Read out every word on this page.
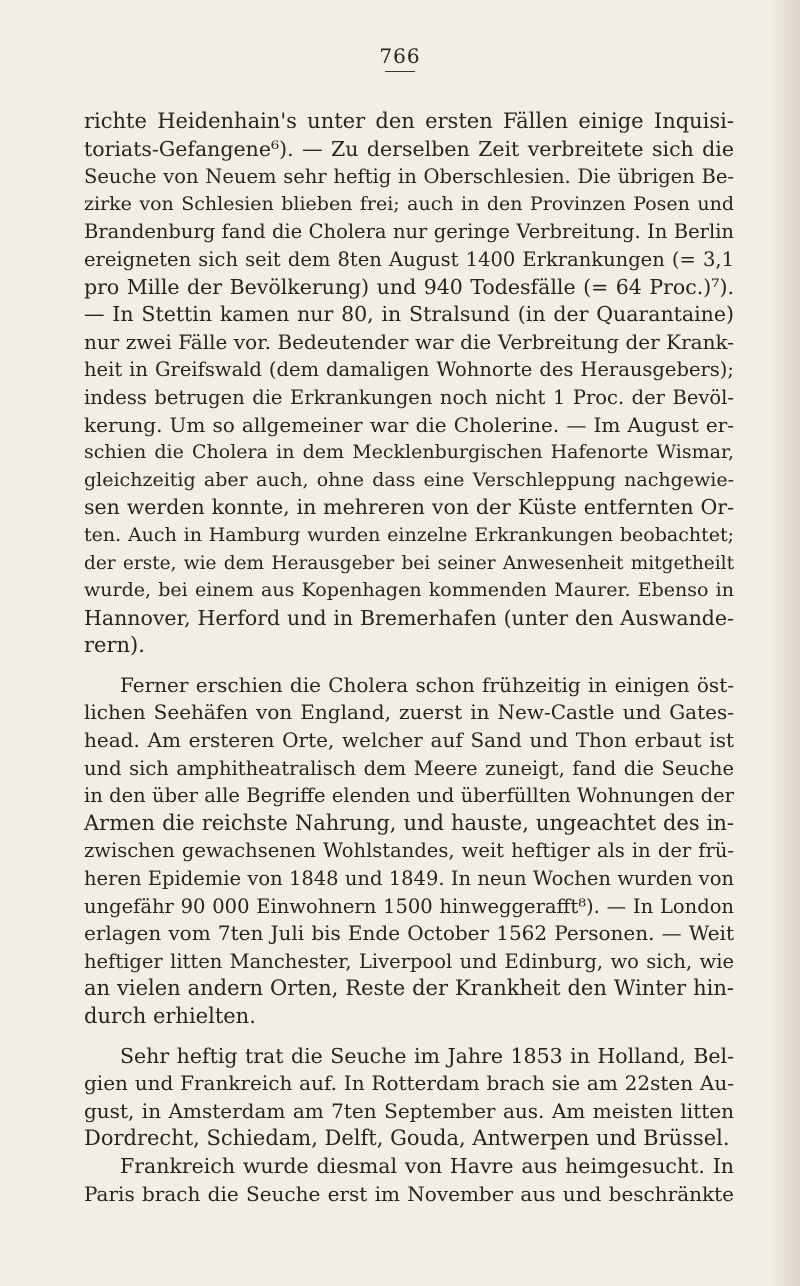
766
richte Heidenhain's unter den ersten Fällen einige Inquisi-
toriats-Gefangene⁶). — Zu derselben Zeit verbreitete sich die
Seuche von Neuem sehr heftig in Oberschlesien. Die übrigen Be-
zirke von Schlesien blieben frei; auch in den Provinzen Posen und
Brandenburg fand die Cholera nur geringe Verbreitung. In Berlin
ereigneten sich seit dem 8ten August 1400 Erkrankungen (= 3,1
pro Mille der Bevölkerung) und 940 Todesfälle (= 64 Proc.)⁷).
— In Stettin kamen nur 80, in Stralsund (in der Quarantaine)
nur zwei Fälle vor. Bedeutender war die Verbreitung der Krank-
heit in Greifswald (dem damaligen Wohnorte des Herausgebers);
indess betrugen die Erkrankungen noch nicht 1 Proc. der Bevöl-
kerung. Um so allgemeiner war die Cholerine. — Im August er-
schien die Cholera in dem Mecklenburgischen Hafenorte Wismar,
gleichzeitig aber auch, ohne dass eine Verschleppung nachgewie-
sen werden konnte, in mehreren von der Küste entfernten Or-
ten. Auch in Hamburg wurden einzelne Erkrankungen beobachtet;
der erste, wie dem Herausgeber bei seiner Anwesenheit mitgetheilt
wurde, bei einem aus Kopenhagen kommenden Maurer. Ebenso in
Hannover, Herford und in Bremerhafen (unter den Auswande-
rern).
Ferner erschien die Cholera schon frühzeitig in einigen öst-
lichen Seehäfen von England, zuerst in New-Castle und Gates-
head. Am ersteren Orte, welcher auf Sand und Thon erbaut ist
und sich amphitheatralisch dem Meere zuneigt, fand die Seuche
in den über alle Begriffe elenden und überfüllten Wohnungen der
Armen die reichste Nahrung, und hauste, ungeachtet des in-
zwischen gewachsenen Wohlstandes, weit heftiger als in der frü-
heren Epidemie von 1848 und 1849. In neun Wochen wurden von
ungefähr 90 000 Einwohnern 1500 hinweggerafft⁸). — In London
erlagen vom 7ten Juli bis Ende October 1562 Personen. — Weit
heftiger litten Manchester, Liverpool und Edinburg, wo sich, wie
an vielen andern Orten, Reste der Krankheit den Winter hin-
durch erhielten.
Sehr heftig trat die Seuche im Jahre 1853 in Holland, Bel-
gien und Frankreich auf. In Rotterdam brach sie am 22sten Au-
gust, in Amsterdam am 7ten September aus. Am meisten litten
Dordrecht, Schiedam, Delft, Gouda, Antwerpen und Brüssel.
Frankreich wurde diesmal von Havre aus heimgesucht. In
Paris brach die Seuche erst im November aus und beschränkte
